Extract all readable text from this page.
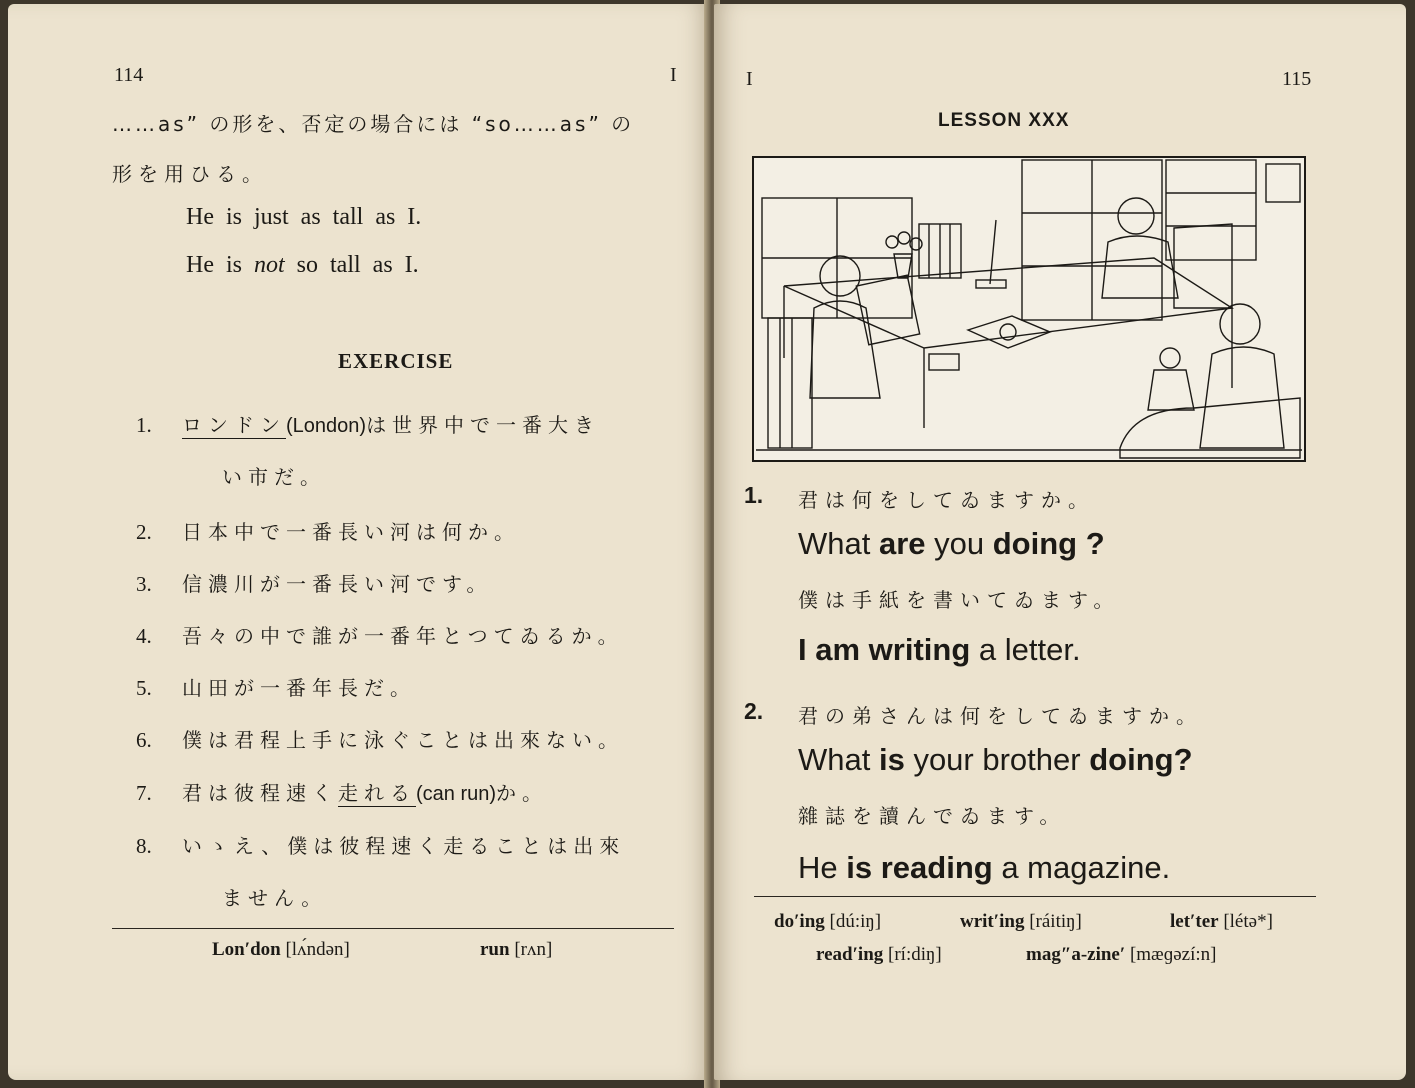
114	I
……as” の形を、否定の場合には “so……as” の
形を用ひる。
He is just as tall as I.
He is not so tall as I.
EXERCISE
1. ロンドン(London)は世界中で一番大き
い市だ。
2. 日本中で一番長い河は何か。
3. 信濃川が一番長い河です。
4. 吾々の中で誰が一番年とつてゐるか。
5. 山田が一番年長だ。
6. 僕は君程上手に泳ぐことは出來ない。
7. 君は彼程速く走れる(can run)か。
8. いゝえ、僕は彼程速く走ることは出來
ません。
Lon′don [lʌ́ndən]	run [rʌn]
I	115
LESSON XXX
1. 君は何をしてゐますか。
What are you doing ?
僕は手紙を書いてゐます。
I am writing a letter.
2. 君の弟さんは何をしてゐますか。
What is your brother doing?
雜誌を讀んでゐます。
He is reading a magazine.
do′ing [dú:iŋ]	writ′ing [ráitiŋ]	let′ter [létə*]
read′ing [rí:diŋ]	mag″a-zine′ [mæɡəzí:n]
